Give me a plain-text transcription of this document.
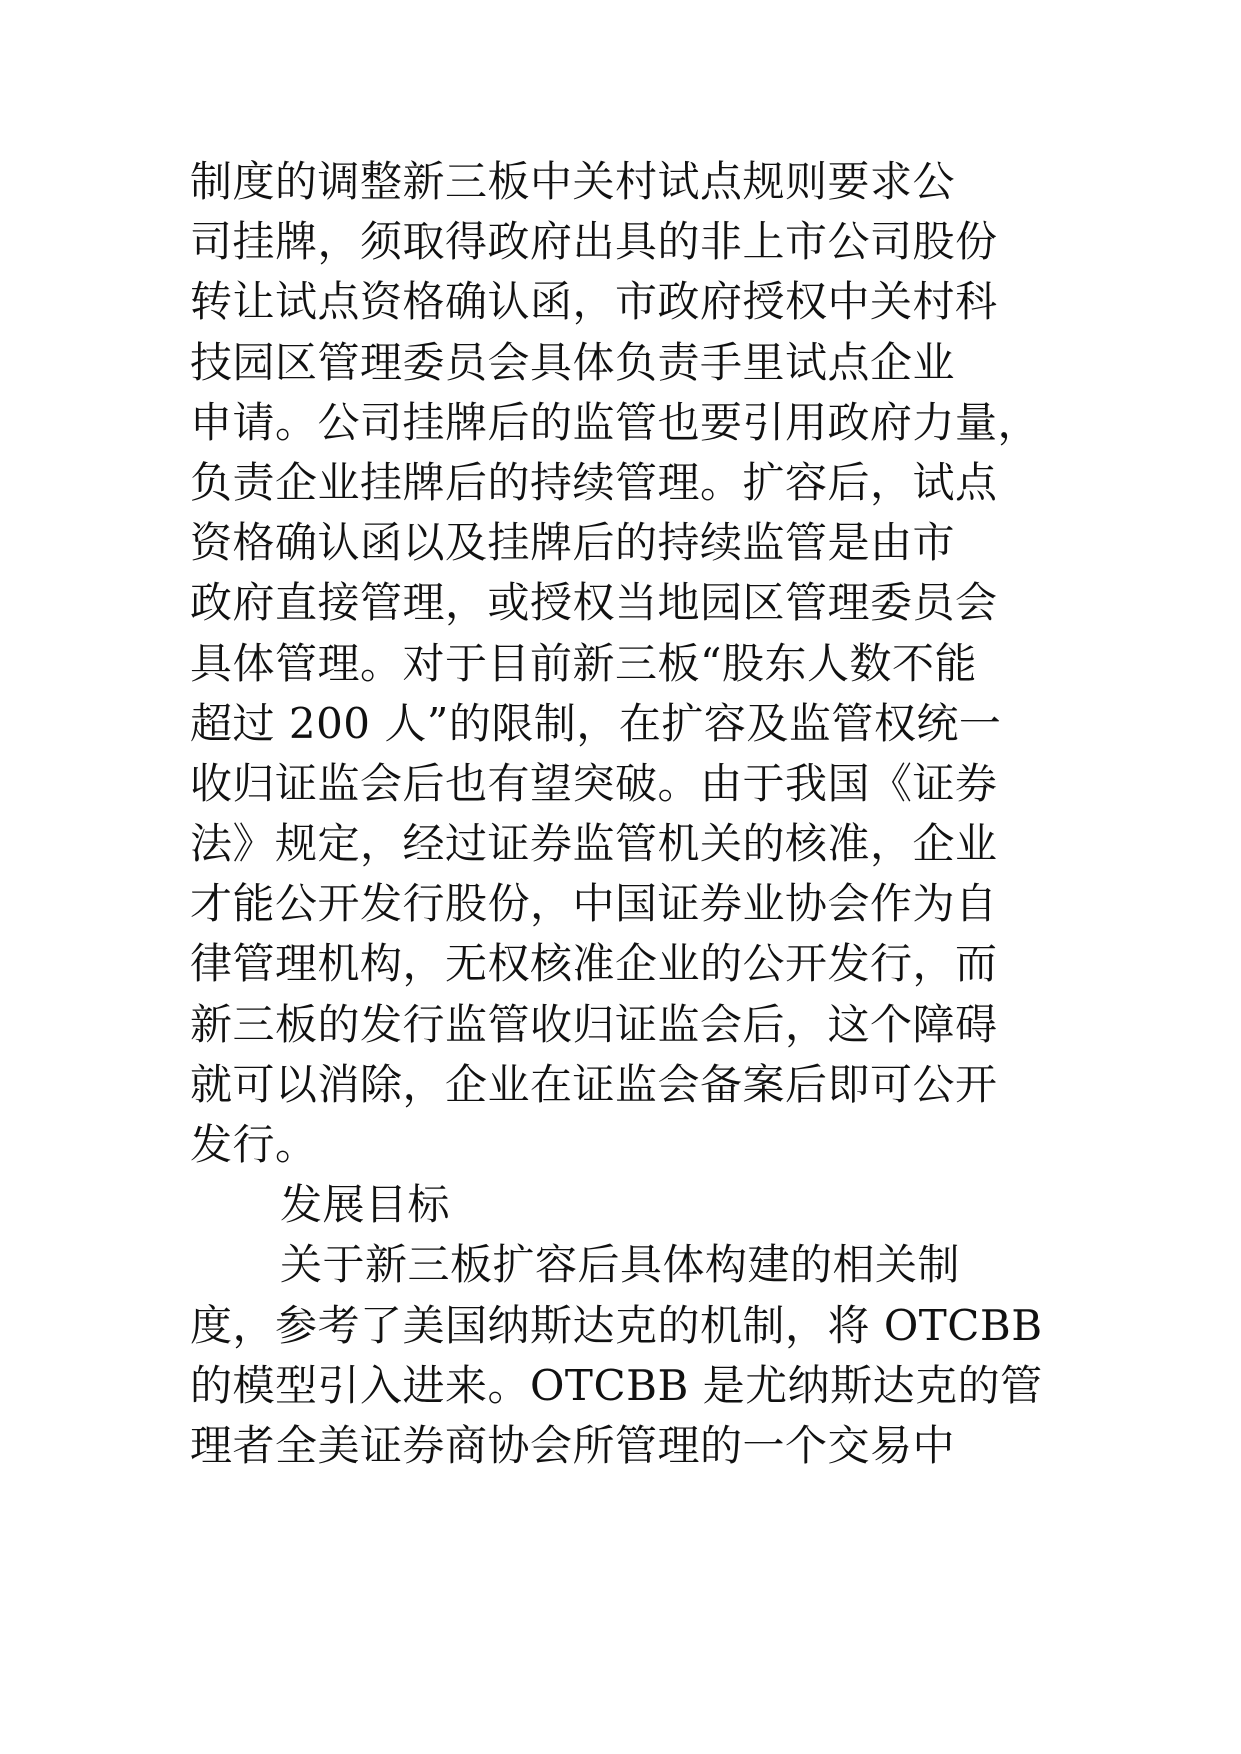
制度的调整新三板中关村试点规则要求公
司挂牌，须取得政府出具的非上市公司股份
转让试点资格确认函，市政府授权中关村科
技园区管理委员会具体负责手里试点企业
申请。公司挂牌后的监管也要引用政府力量，
负责企业挂牌后的持续管理。扩容后，试点
资格确认函以及挂牌后的持续监管是由市
政府直接管理，或授权当地园区管理委员会
具体管理。对于目前新三板“股东人数不能
超过 200 人”的限制，在扩容及监管权统一
收归证监会后也有望突破。由于我国《证券
法》规定，经过证券监管机关的核准，企业
才能公开发行股份，中国证券业协会作为自
律管理机构，无权核准企业的公开发行，而
新三板的发行监管收归证监会后，这个障碍
就可以消除，企业在证监会备案后即可公开
发行。
发展目标
关于新三板扩容后具体构建的相关制
度，参考了美国纳斯达克的机制，将 OTCBB
的模型引入进来。OTCBB 是尤纳斯达克的管
理者全美证券商协会所管理的一个交易中
